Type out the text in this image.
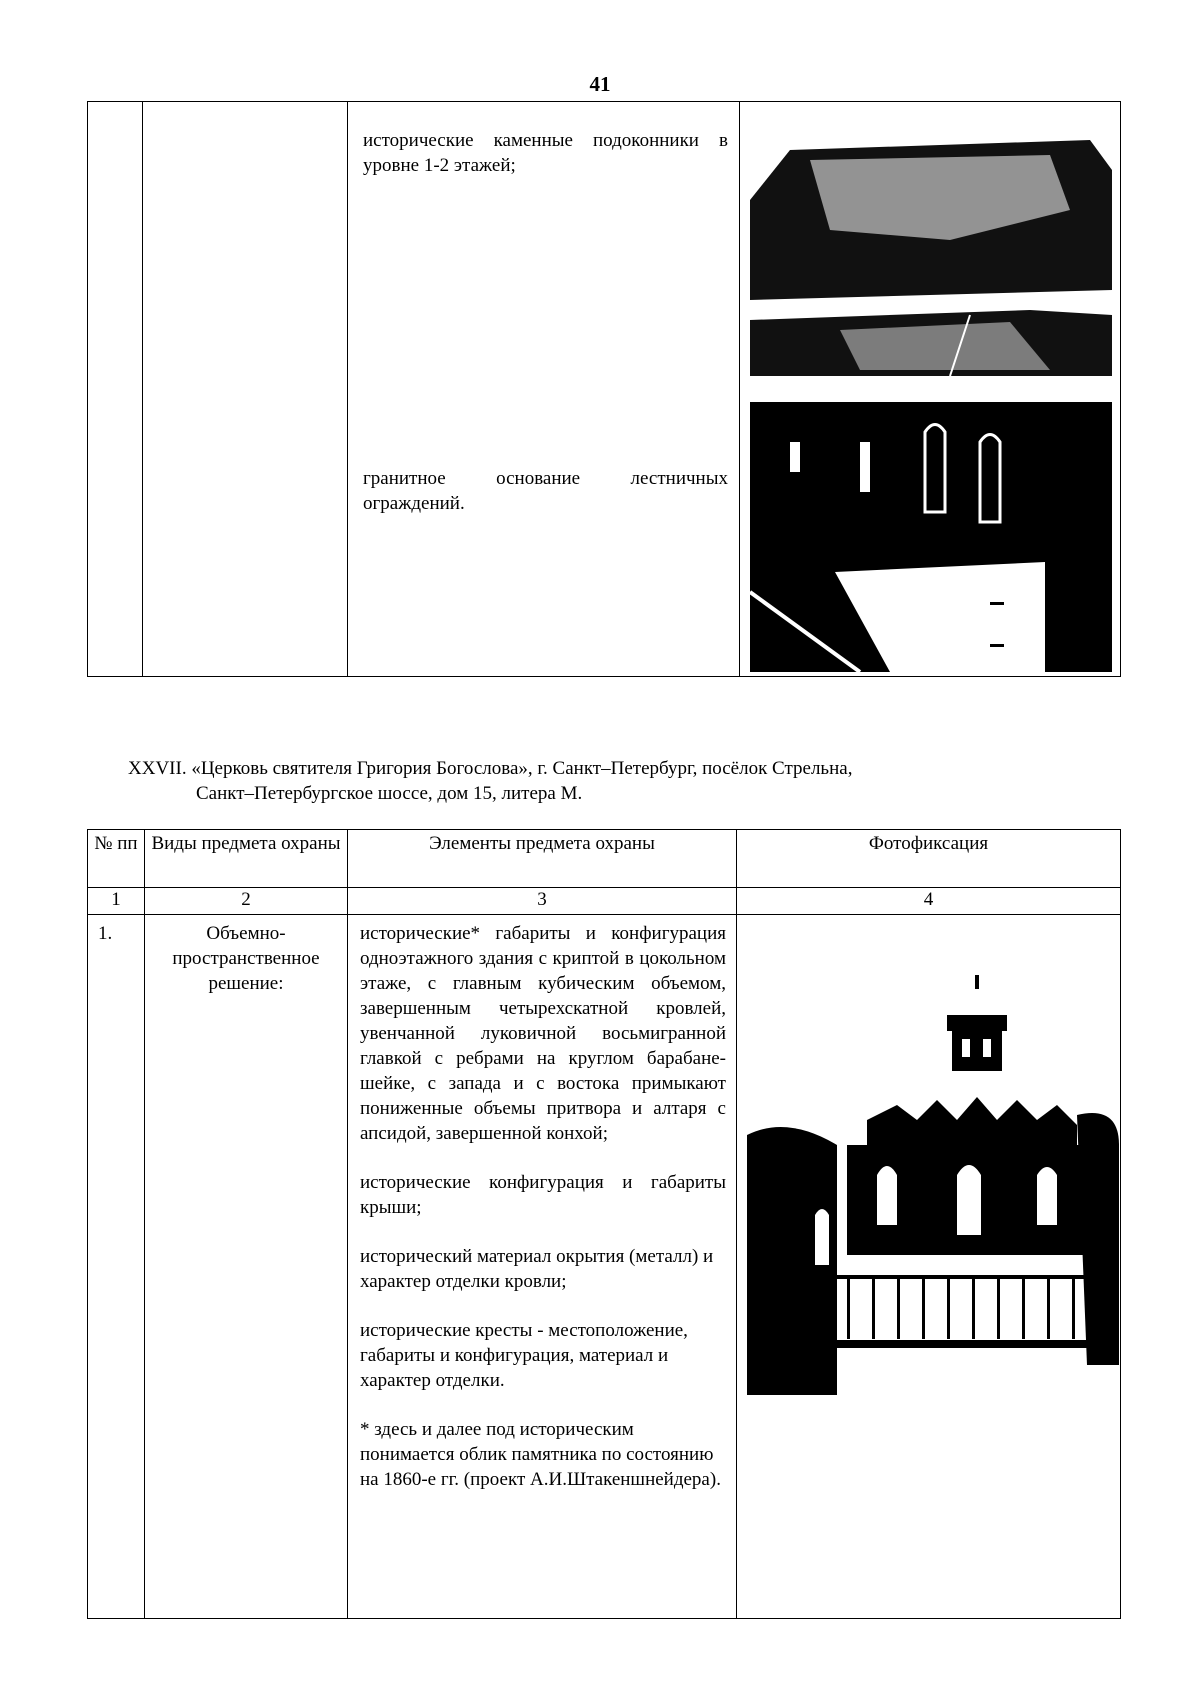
41

исторические каменные подоконники в уровне 1-2 этажей;
гранитное основание лестничных ограждений.

XXVII. «Церковь святителя Григория Богослова», г. Санкт–Петербург, посёлок Стрельна,
Санкт–Петербургское шоссе, дом 15, литера М.
№ пп	Виды предмета охраны	Элементы предмета охраны	Фотофиксация
1	2	3	4
1.	Объемно-пространственное решение:	исторические* габариты и конфигурация одноэтажного здания с криптой в цокольном этаже, с главным кубическим объемом, завершенным четырехскатной кровлей, увенчанной луковичной восьмигранной главкой с ребрами на круглом барабане-шейке, с запада и с востока примыкают пониженные объемы притвора и алтаря с апсидой, завершенной конхой;

исторические конфигурация и габариты крыши;

исторический материал окрытия (металл) и характер отделки кровли;

исторические кресты - местоположение, габариты и конфигурация, материал и характер отделки.

* здесь и далее под историческим понимается облик памятника по состоянию на 1860-е гг. (проект А.И.Штакеншнейдера).
